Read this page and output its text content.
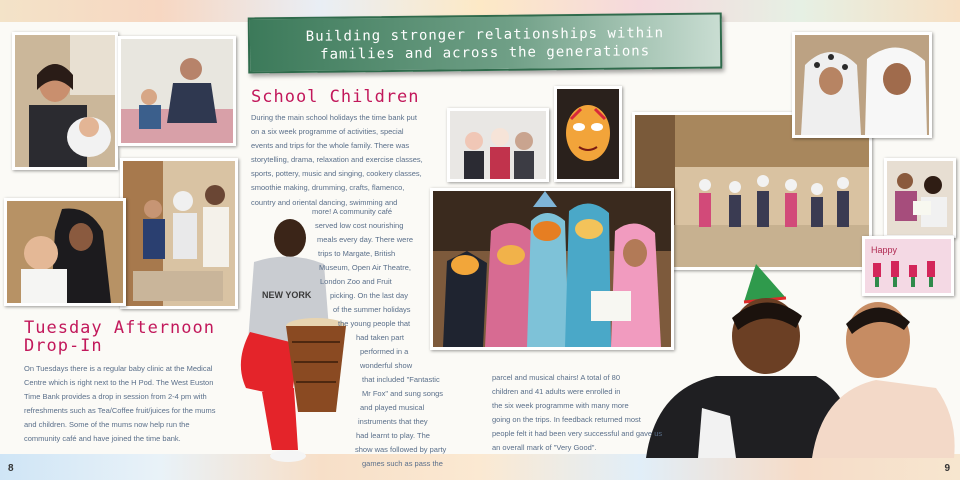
Building stronger relationships within
families and across the generations
Tuesday Afternoon
Drop-In

On Tuesdays there is a regular baby clinic at the Medical

Centre which is right next to the H Pod. The West Euston

Time Bank provides a drop in session from 2-4 pm with

refreshments such as Tea/Coffee fruit/juices for the mums

and children. Some of the mums now help run the

community café and have joined the time bank.

School Children

During the main school holidays the time bank put

on a six week programme of activities, special

events and trips for the whole family. There was

storytelling, drama, relaxation and exercise classes,

sports, pottery, music and singing, cookery classes,

smoothie making, drumming, crafts, flamenco,

country and oriental dancing, swimming and

NEW YORK
more! A community café
served low cost nourishing
meals every day. There were
trips to Margate, British
Museum, Open Air Theatre,
London Zoo and Fruit
picking. On the last day
of the summer holidays
the young people that
had taken part
performed in a
wonderful show
that included "Fantastic
Mr Fox" and sung songs
and played musical
instruments that they
had learnt to play. The
show was followed by party
games such as pass the
Happy

parcel and musical chairs! A total of 80

children and 41 adults were enrolled in

the six week programme with many more

going on the trips. In feedback returned most

people felt it had been very successful and gave us

an overall mark of "Very Good".

8	9
